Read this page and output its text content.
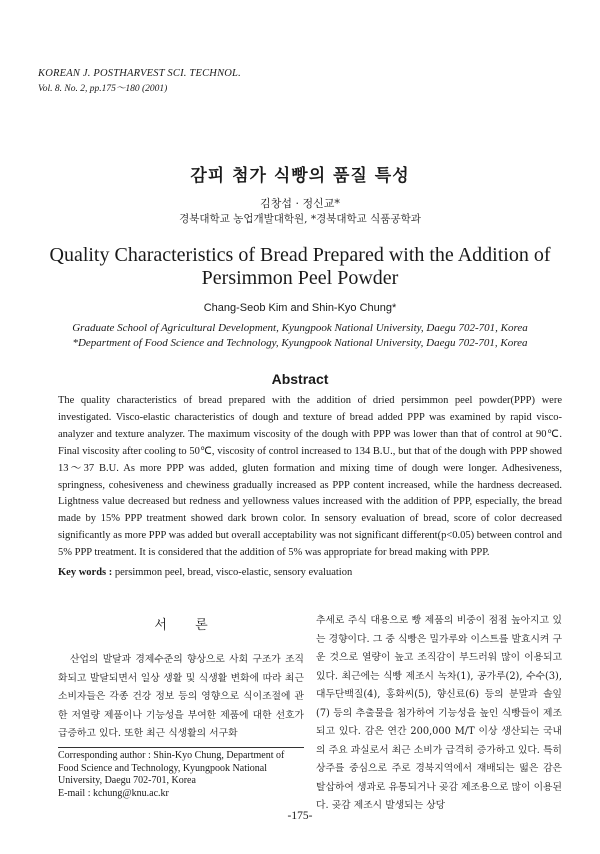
KOREAN J. POSTHARVEST SCI. TECHNOL.
Vol. 8. No. 2, pp.175～180 (2001)
감피 첨가 식빵의 품질 특성
김창섭 · 정신교*
경북대학교 농업개발대학원, *경북대학교 식품공학과
Quality Characteristics of Bread Prepared with the Addition of Persimmon Peel Powder
Chang-Seob Kim and Shin-Kyo Chung*
Graduate School of Agricultural Development, Kyungpook National University, Daegu 702-701, Korea
*Department of Food Science and Technology, Kyungpook National University, Daegu 702-701, Korea
Abstract
The quality characteristics of bread prepared with the addition of dried persimmon peel powder(PPP) were investigated. Visco-elastic characteristics of dough and texture of bread added PPP was examined by rapid visco-analyzer and texture analyzer. The maximum viscosity of the dough with PPP was lower than that of control at 90℃. Final viscosity after cooling to 50℃, viscosity of control increased to 134 B.U., but that of the dough with PPP showed 13～37 B.U. As more PPP was added, gluten formation and mixing time of dough were longer. Adhesiveness, springness, cohesiveness and chewiness gradually increased as PPP content increased, while the hardness decreased. Lightness value decreased but redness and yellowness values increased with the addition of PPP, especially, the bread made by 15% PPP treatment showed dark brown color. In sensory evaluation of bread, score of color decreased significantly as more PPP was added but overall acceptability was not significant different(p<0.05) between control and 5% PPP treatment. It is considered that the addition of 5% was appropriate for bread making with PPP.
Key words : persimmon peel, bread, visco-elastic, sensory evaluation
서 론

산업의 발달과 경제수준의 향상으로 사회 구조가 조직화되고 발달되면서 일상 생활 및 식생활 변화에 따라 최근 소비자들은 각종 건강 정보 등의 영향으로 식이조절에 관한 저열량 제품이나 기능성을 부여한 제품에 대한 선호가 급증하고 있다. 또한 최근 식생활의 서구화

추세로 주식 대용으로 빵 제품의 비중이 점점 높아지고 있는 경향이다. 그 중 식빵은 밀가루와 이스트를 발효시켜 구운 것으로 열량이 높고 조직감이 부드러워 많이 이용되고 있다. 최근에는 식빵 제조시 녹차(1), 공가루(2), 수수(3), 대두단백질(4), 홍화씨(5), 향신료(6) 등의 분말과 솔잎(7) 등의 추출물을 첨가하여 기능성을 높인 식빵들이 제조되고 있다. 감은 연간 200,000 M/T 이상 생산되는 국내의 주요 과실로서 최근 소비가 급격히 증가하고 있다. 특히 상주를 중심으로 주로 경북지역에서 재배되는 떫은 감은 탈삽하여 생과로 유통되거나 곶감 제조용으로 많이 이용된다. 곶감 제조시 발생되는 상당

Corresponding author : Shin-Kyo Chung, Department of Food Science and Technology, Kyungpook National University, Daegu 702-701, Korea
E-mail : kchung@knu.ac.kr
-175-
